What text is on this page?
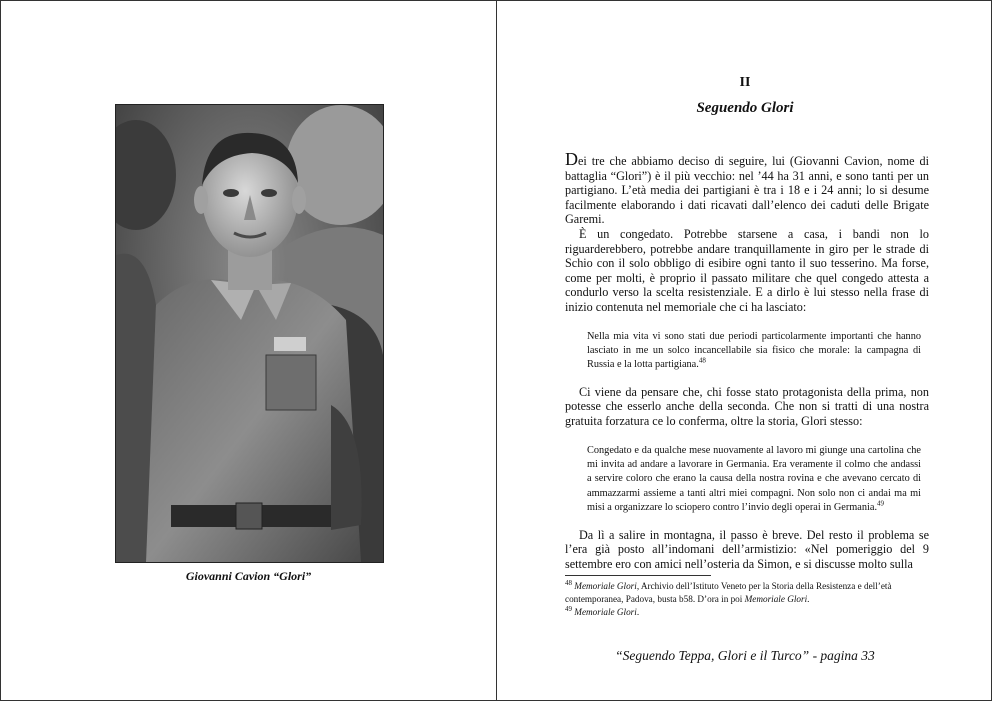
Giovanni Cavion “Glori”
II
Seguendo Glori

Dei tre che abbiamo deciso di seguire, lui (Giovanni Cavion, nome di battaglia “Glori”) è il più vecchio: nel ’44 ha 31 anni, e sono tanti per un partigiano. L’età media dei partigiani è tra i 18 e i 24 anni; lo si desume facilmente elaborando i dati ricavati dall’elenco dei caduti delle Brigate Garemi.

È un congedato. Potrebbe starsene a casa, i bandi non lo riguarderebbero, potrebbe andare tranquillamente in giro per le strade di Schio con il solo obbligo di esibire ogni tanto il suo tesserino. Ma forse, come per molti, è proprio il passato militare che quel congedo attesta a condurlo verso la scelta resistenziale. E a dirlo è lui stesso nella frase di inizio contenuta nel memoriale che ci ha lasciato:

Nella mia vita vi sono stati due periodi particolarmente importanti che hanno lasciato in me un solco incancellabile sia fisico che morale: la campagna di Russia e la lotta partigiana.$^{48}$

Ci viene da pensare che, chi fosse stato protagonista della prima, non potesse che esserlo anche della seconda. Che non si tratti di una nostra gratuita forzatura ce lo conferma, oltre la storia, Glori stesso:

Congedato e da qualche mese nuovamente al lavoro mi giunge una cartolina che mi invita ad andare a lavorare in Germania. Era veramente il colmo che andassi a servire coloro che erano la causa della nostra rovina e che avevano cercato di ammazzarmi assieme a tanti altri miei compagni. Non solo non ci andai ma mi misi a organizzare lo sciopero contro l’invio degli operai in Germania.$^{49}$

Da lì a salire in montagna, il passo è breve. Del resto il problema se l’era già posto all’indomani dell’armistizio: «Nel pomeriggio del 9 settembre ero con amici nell’osteria da Simon, e si discusse molto sulla

$^{48}$ Memoriale Glori, Archivio dell’Istituto Veneto per la Storia della Resistenza e dell’età contemporanea, Padova, busta b58. D’ora in poi Memoriale Glori.

$^{49}$ Memoriale Glori.

“Seguendo Teppa, Glori e il Turco” - pagina 33
